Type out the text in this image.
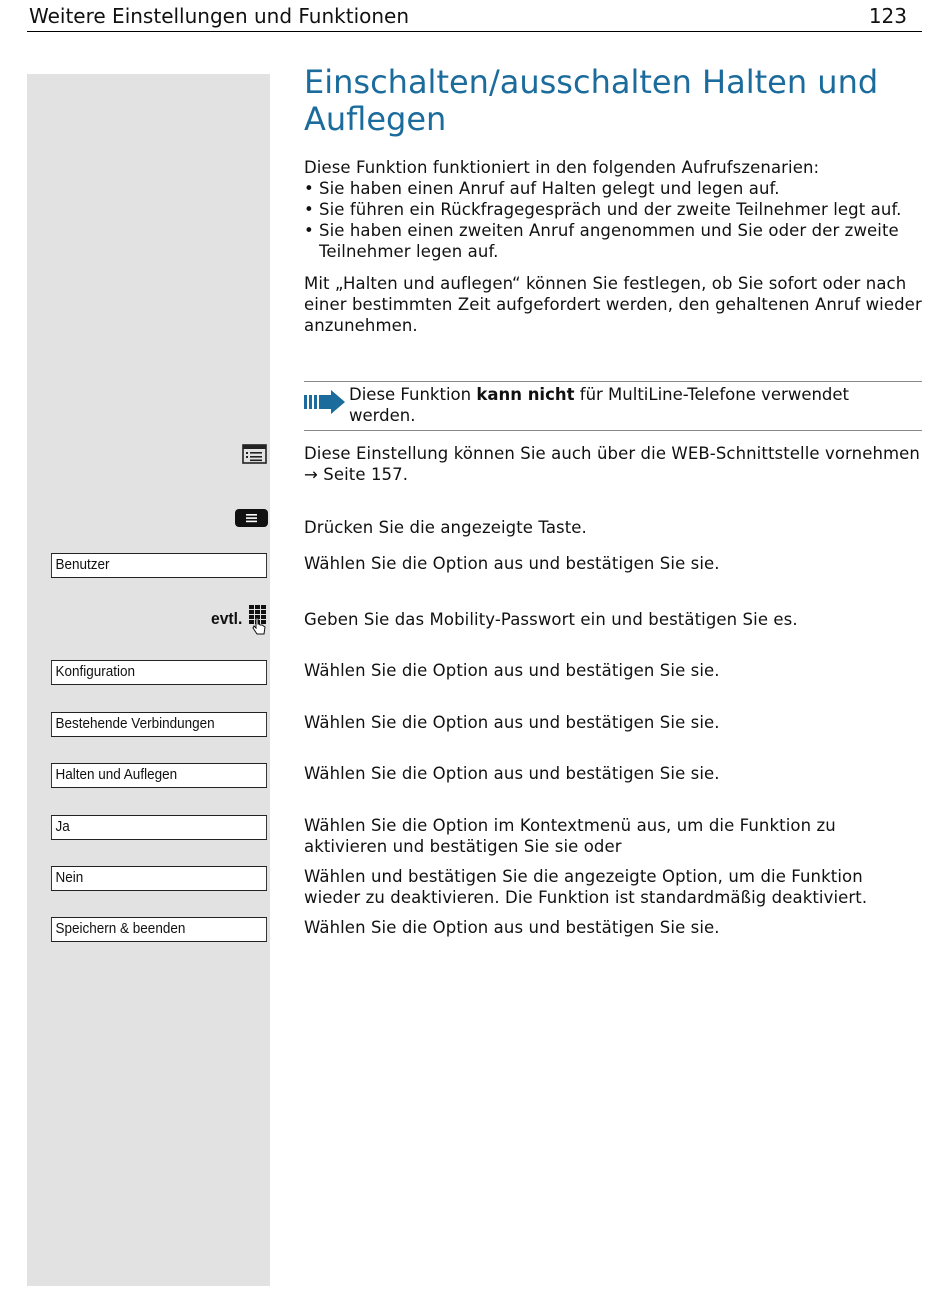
Weitere Einstellungen und Funktionen	123
Einschalten/ausschalten Halten und Auflegen
Diese Funktion funktioniert in den folgenden Aufrufszenarien:
• Sie haben einen Anruf auf Halten gelegt und legen auf.
• Sie führen ein Rückfragegespräch und der zweite Teilnehmer legt auf.
• Sie haben einen zweiten Anruf angenommen und Sie oder der zweite Teilnehmer legen auf.
Mit „Halten und auflegen“ können Sie festlegen, ob Sie sofort oder nach einer bestimmten Zeit aufgefordert werden, den gehaltenen Anruf wieder anzunehmen.
Diese Funktion kann nicht für MultiLine-Telefone verwendet werden.
Diese Einstellung können Sie auch über die WEB-Schnittstelle vornehmen → Seite 157.
Drücken Sie die angezeigte Taste.
Benutzer	Wählen Sie die Option aus und bestätigen Sie sie.
evtl.	Geben Sie das Mobility-Passwort ein und bestätigen Sie es.
Konfiguration	Wählen Sie die Option aus und bestätigen Sie sie.
Bestehende Verbindungen	Wählen Sie die Option aus und bestätigen Sie sie.
Halten und Auflegen	Wählen Sie die Option aus und bestätigen Sie sie.
Ja	Wählen Sie die Option im Kontextmenü aus, um die Funktion zu aktivieren und bestätigen Sie sie oder
Nein	Wählen und bestätigen Sie die angezeigte Option, um die Funktion wieder zu deaktivieren. Die Funktion ist standardmäßig deaktiviert.
Speichern & beenden	Wählen Sie die Option aus und bestätigen Sie sie.
